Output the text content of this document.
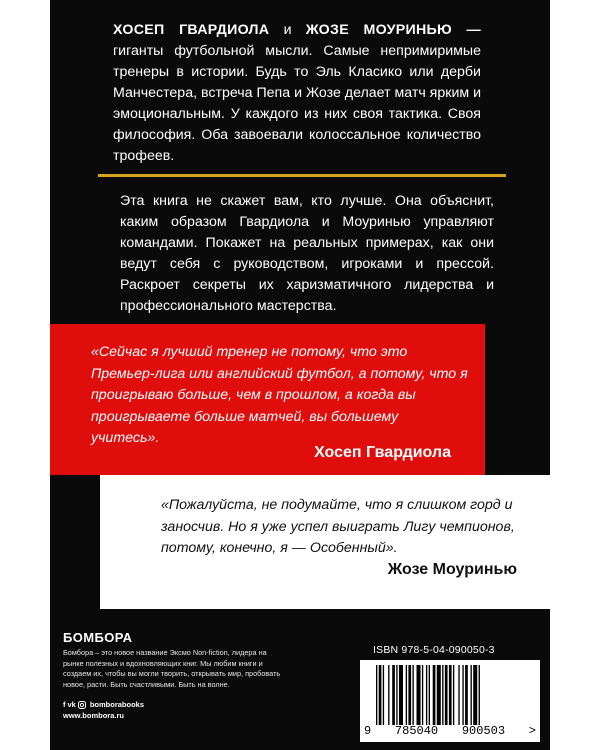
ХОСЕП ГВАРДИОЛА и ЖОЗЕ МОУРИНЬЮ — гиганты футбольной мысли. Самые непримиримые тренеры в истории. Будь то Эль Класико или дерби Манчестера, встреча Пепа и Жозе делает матч ярким и эмоциональным. У каждого из них своя тактика. Своя философия. Оба завоевали колоссальное количество трофеев.

Эта книга не скажет вам, кто лучше. Она объяснит, каким образом Гвардиола и Моуринью управляют командами. Покажет на реальных примерах, как они ведут себя с руководством, игроками и прессой. Раскроет секреты их харизматичного лидерства и профессионального мастерства.

«Сейчас я лучший тренер не потому, что это Премьер-лига или английский футбол, а потому, что я проигрываю больше, чем в прошлом, а когда вы проигрываете больше матчей, вы большему учитесь».

Хосеп Гвардиола

«Пожалуйста, не подумайте, что я слишком горд и заносчив. Но я уже успел выиграть Лигу чемпионов, потому, конечно, я — Особенный».

Жозе Моуринью
БОМБОРА

Бомбора – это новое название Эксмо Non-fiction, лидера на рынке полезных и вдохновляющих книг. Мы любим книги и создаем их, чтобы вы могли творить, открывать мир, пробовать новое, расти. Быть счастливыми. Быть на волне.

f vk bomborabooks
www.bombora.ru
ISBN 978-5-04-090050-3
9 785040 900503 >
